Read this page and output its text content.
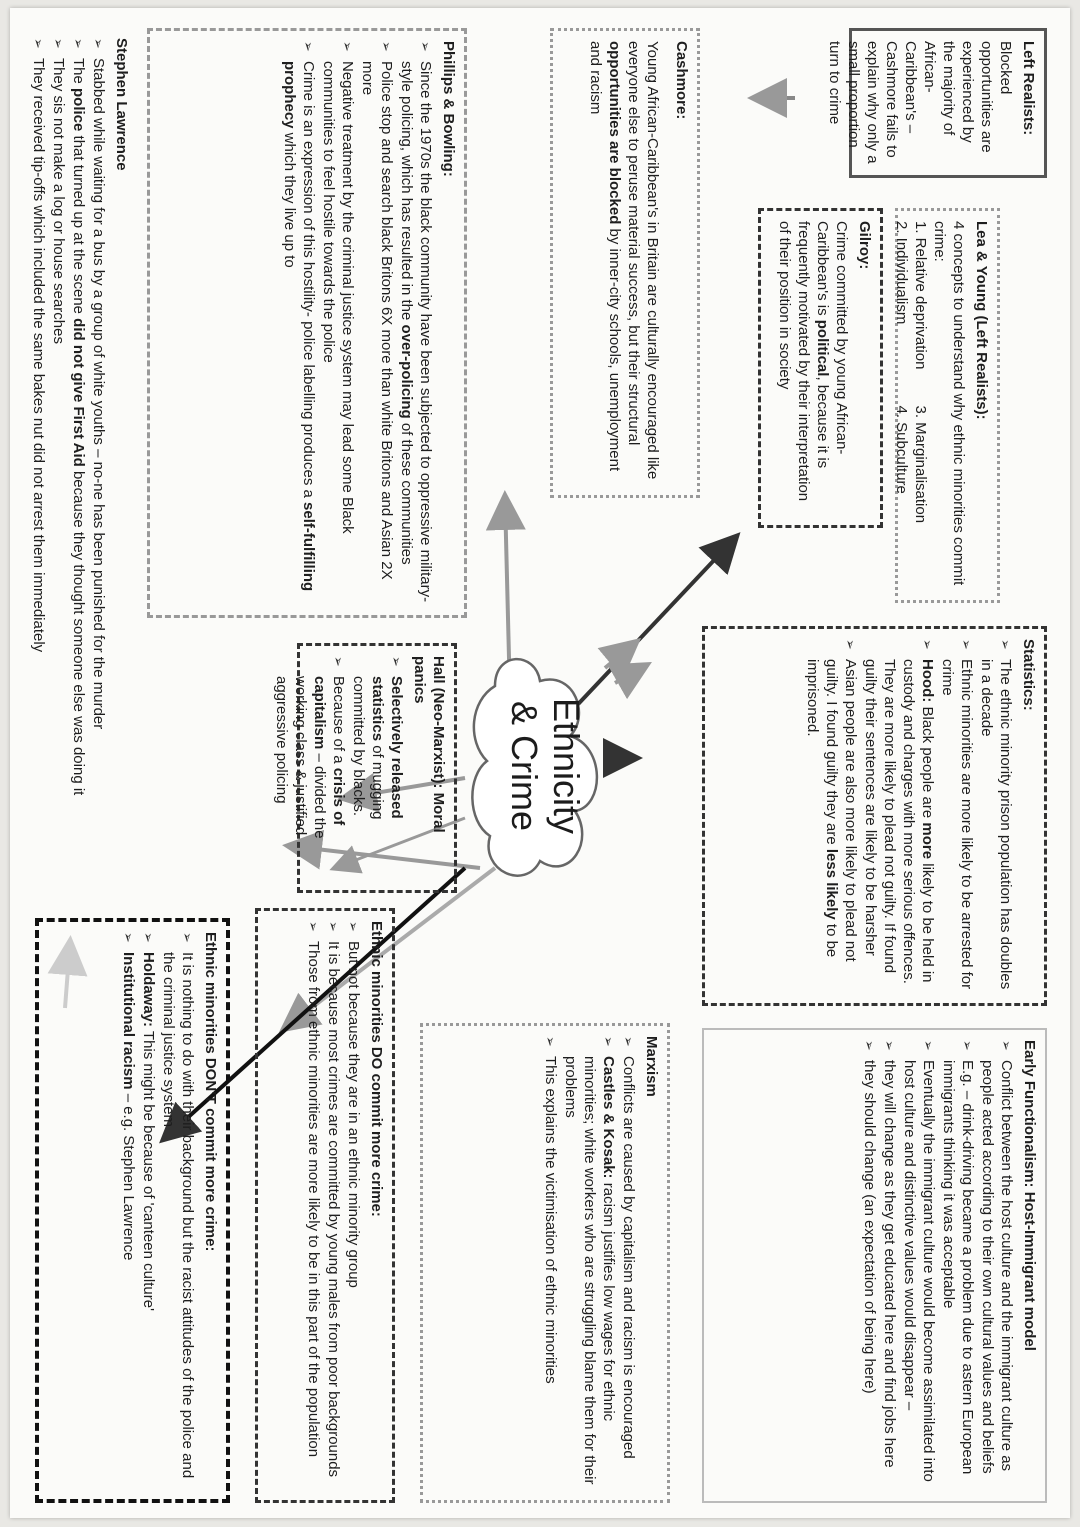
Left Realists:
Blocked opportunities are experienced by the majority of African-Caribbean's – Cashmore fails to explain why only a small proportion turn to crime
Lea & Young (Left Realists):
4 concepts to understand why ethnic minorities commit crime:
1. Relative deprivation
3. Marginalisation
2. Individualism
4. Subculture
Gilroy:
Crime committed by young African-Caribbean's is political, because it is frequently motivated by their interpretation of their position in society
Statistics:
➢ The ethnic minority prison population has doubles in a decade
➢ Ethnic minorities are more likely to be arrested for crime
➢ Hood: Black people are more likely to be held in custody and charges with more serious offences. They are more likely to plead not guilty. If found guilty their sentences are likely to be harsher
➢ Asian people are also more likely to plead not guilty. I found guilty they are less likely to be imprisoned.
Early Functionalism: Host-Immigrant model
➢ Conflict between the host culture and the immigrant culture as people acted according to their own cultural values and beliefs
➢ E.g. – drink-driving became a problem due to astern European immigrants thinking it was acceptable
➢ Eventually the immigrant culture would become assimilated into host culture and distinctive values would disappear –
➢ they will change as they get educated here and find jobs here
➢ they should change (an expectation of being here)
Cashmore:
Young African-Caribbean's in Britain are culturally encouraged like everyone else to peruse material success, but their structural opportunities are blocked by inner-city schools, unemployment and racism
Marxism
➢ Conflicts are caused by capitalism and racism is encouraged
➢ Castles & Kosak: racism justifies low wages for ethnic minorities; white workers who are struggling blame them for their problems
➢ This explains the victimisation of ethnic minorities
Ethnicity
& Crime
Hall (Neo-Marxist): Moral panics
➢ Selectively released statistics of mugging committed by blacks.
➢ Because of a crisis of capitalism – divided the working class & justified aggressive policing
Ethnic minorities DO commit more crime:
➢ But not because they are in an ethnic minority group
➢ It is because most crimes are committed by young males from poor backgrounds
➢ Those from ethnic minorities are more likely to be in this part of the population
Phillips & Bowling:
➢ Since the 1970s the black community have been subjected to oppressive military-style policing, which has resulted in the over-policing of these communities
➢ Police stop and search black Britons 6X more than white Britons and Asian 2X more
➢ Negative treatment by the criminal justice system may lead some Black communities to feel hostile towards the police
➢ Crime is an expression of this hostility- police labelling produces a self-fulfilling prophecy which they live up to
Ethnic minorities DON'T commit more crime:
➢ It is nothing to do with their background but the racist attitudes of the police and the criminal justice system
➢ Holdaway: This might be because of 'canteen culture'
➢ Institutional racism – e.g. Stephen Lawrence
Stephen Lawrence
➢ Stabbed while waiting for a bus by a group of white youths – no-ne has been punished for the murder
➢ The police that turned up at the scene did not give First Aid because they thought someone else was doing it
➢ They sis not make a log or house searches
➢ They received tip-offs which included the same bakes nut did not arrest them immediately
